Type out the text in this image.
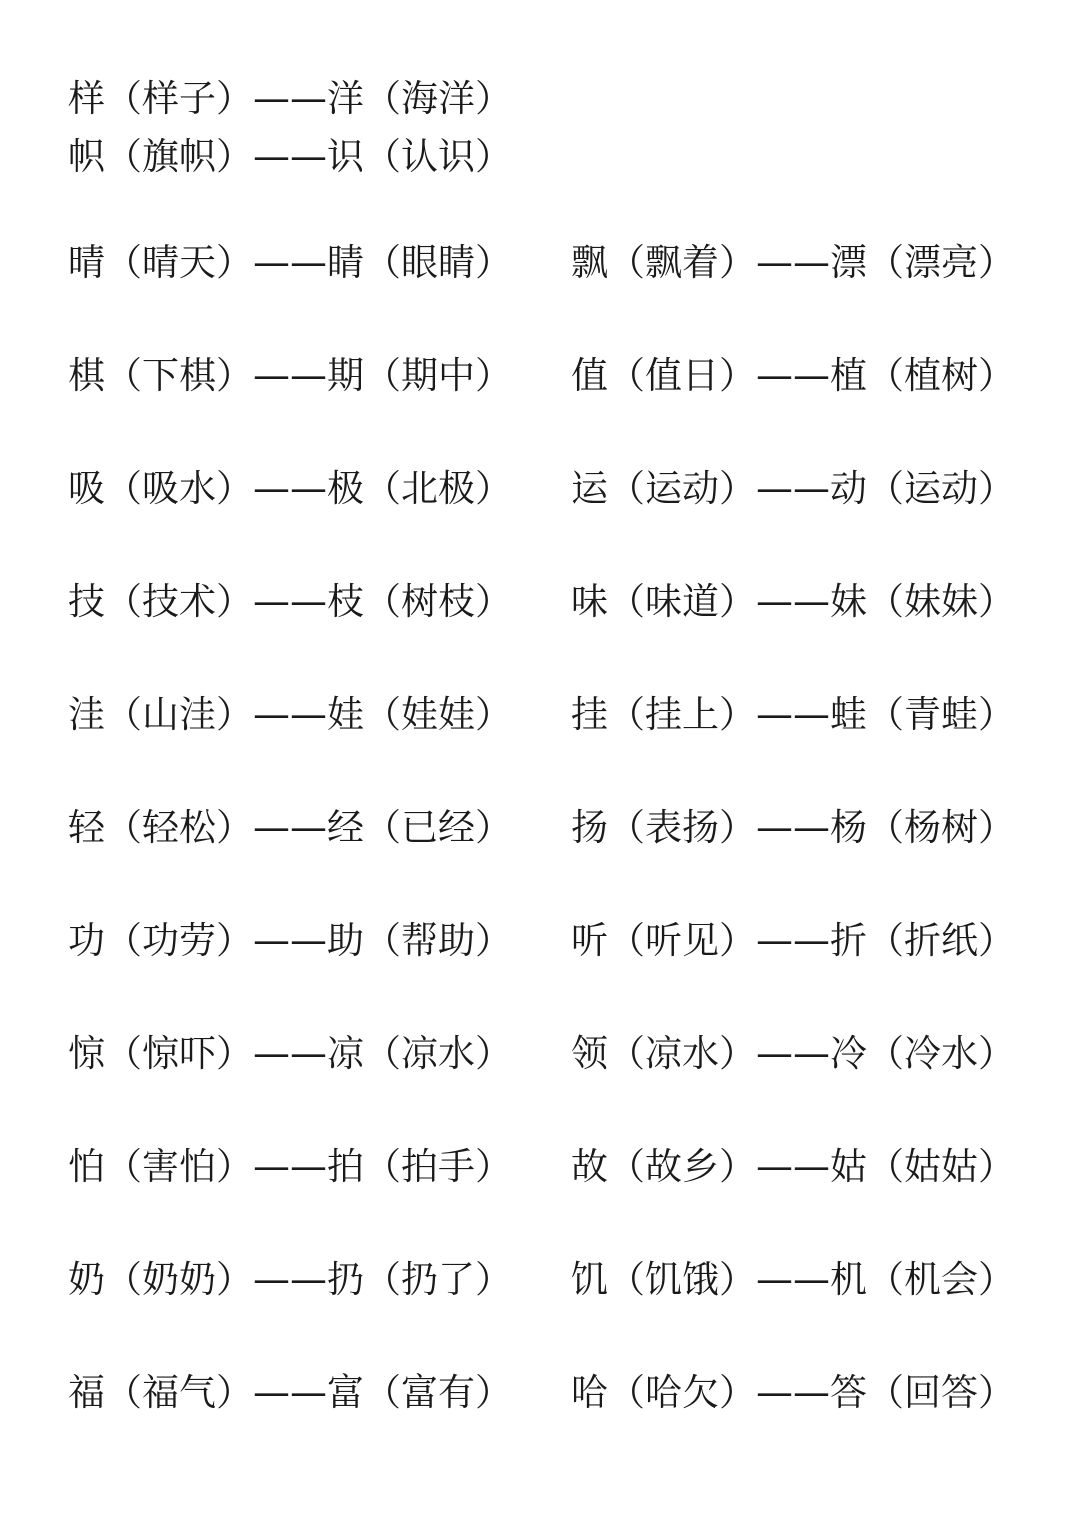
样（样子）——洋（海洋）帜（旗帜）——识（认识）
晴（晴天）——睛（眼睛） 飘（飘着）——漂（漂亮）
棋（下棋）——期（期中） 值（值日）——植（植树）
吸（吸水）——极（北极） 运（运动）——动（运动）
技（技术）——枝（树枝） 味（味道）——妹（妹妹）
洼（山洼）——娃（娃娃） 挂（挂上）——蛙（青蛙）
轻（轻松）——经（已经） 扬（表扬）——杨（杨树）
功（功劳）——助（帮助） 听（听见）——折（折纸）
惊（惊吓）——凉（凉水） 领（凉水）——冷（冷水）
怕（害怕）——拍（拍手） 故（故乡）——姑（姑姑）
奶（奶奶）——扔（扔了） 饥（饥饿）——机（机会）
福（福气）——富（富有） 哈（哈欠）——答（回答）
